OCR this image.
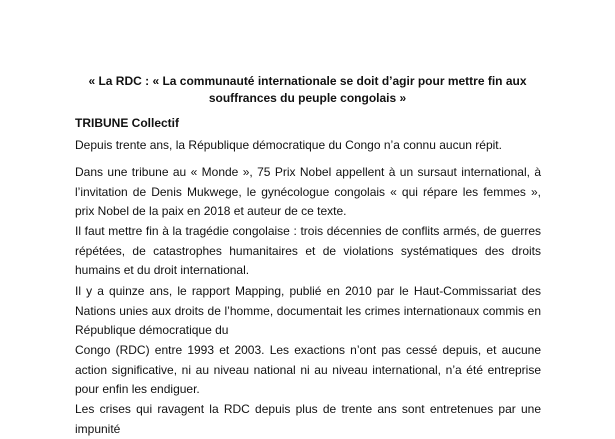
« La RDC : « La communauté internationale se doit d’agir pour mettre fin aux souffrances du peuple congolais »

TRIBUNE Collectif

Depuis trente ans, la République démocratique du Congo n’a connu aucun répit.

Dans une tribune au « Monde », 75 Prix Nobel appellent à un sursaut international, à l’invitation de Denis Mukwege, le gynécologue congolais « qui répare les femmes », prix Nobel de la paix en 2018 et auteur de ce texte.

Il faut mettre fin à la tragédie congolaise : trois décennies de conflits armés, de guerres répétées, de catastrophes humanitaires et de violations systématiques des droits humains et du droit international.

Il y a quinze ans, le rapport Mapping, publié en 2010 par le Haut-Commissariat des Nations unies aux droits de l’homme, documentait les crimes internationaux commis en République démocratique du

Congo (RDC) entre 1993 et 2003. Les exactions n’ont pas cessé depuis, et aucune action significative, ni au niveau national ni au niveau international, n’a été entreprise pour enfin les endiguer.

Les crises qui ravagent la RDC depuis plus de trente ans sont entretenues par une impunité
